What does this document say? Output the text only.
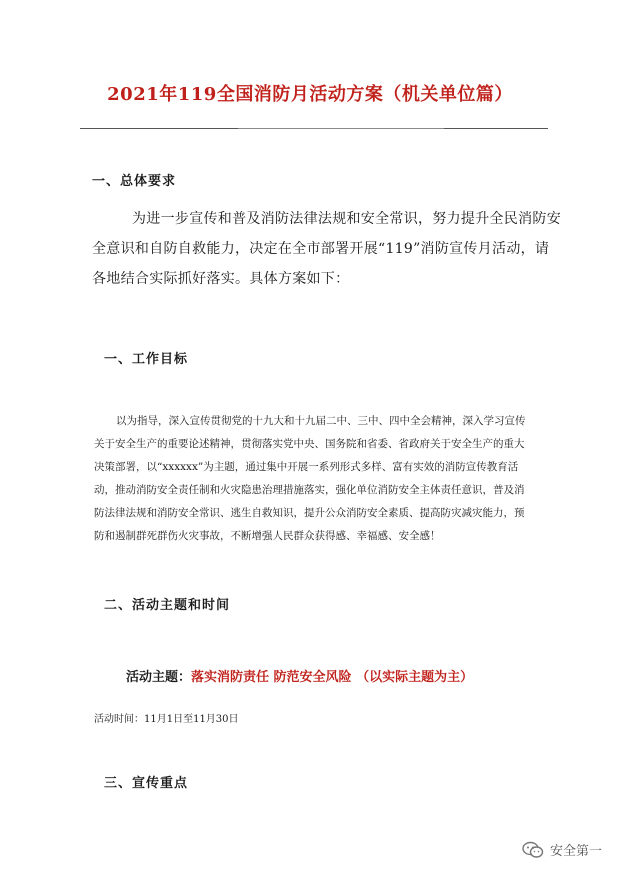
2021年119全国消防月活动方案（机关单位篇）
一、总体要求
为进一步宣传和普及消防法律法规和安全常识，努力提升全民消防安全意识和自防自救能力，决定在全市部署开展“119”消防宣传月活动，请各地结合实际抓好落实。具体方案如下：
一、工作目标
以为指导，深入宣传贯彻党的十九大和十九届二中、三中、四中全会精神，深入学习宣传关于安全生产的重要论述精神，贯彻落实党中央、国务院和省委、省政府关于安全生产的重大决策部署，以“xxxxxx”为主题，通过集中开展一系列形式多样、富有实效的消防宣传教育活动，推动消防安全责任制和火灾隐患治理措施落实，强化单位消防安全主体责任意识，普及消防法律法规和消防安全常识、逃生自救知识，提升公众消防安全素质、提高防灾减灾能力，预防和遏制群死群伤火灾事故，不断增强人民群众获得感、幸福感、安全感！
二、活动主题和时间
活动主题：落实消防责任 防范安全风险 （以实际主题为主）
活动时间：11月1日至11月30日
三、宣传重点
安全第一
